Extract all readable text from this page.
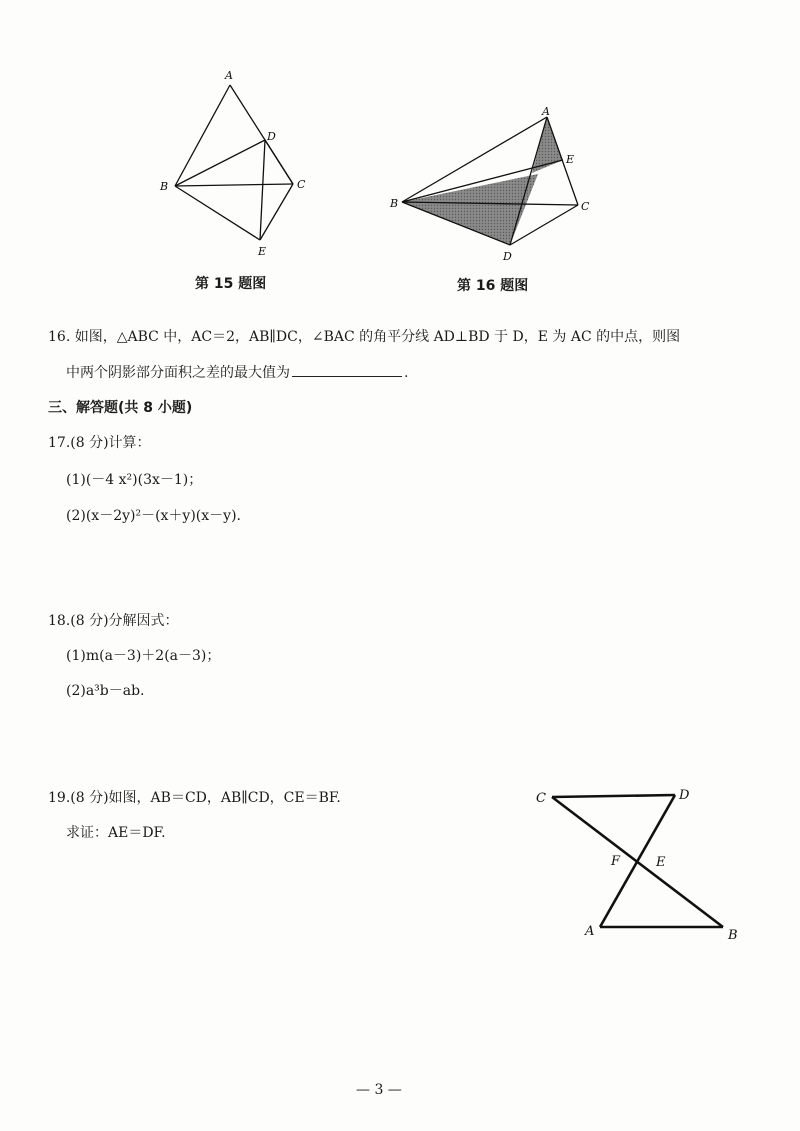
A
B	C
D
E
第 15 题图
A
B	C
D
E
第 16 题图
16. 如图，△ABC 中，AC＝2，AB∥DC，∠BAC 的角平分线 AD⊥BD 于 D，E 为 AC 的中点，则图
中两个阴影部分面积之差的最大值为	.
三、解答题(共 8 小题)
17.(8 分)计算：
(1)(－4 x²)(3x－1)；
(2)(x－2y)²－(x＋y)(x－y).
18.(8 分)分解因式：
(1)m(a－3)＋2(a－3)；
(2)a³b－ab.
19.(8 分)如图，AB＝CD，AB∥CD，CE＝BF.
求证：AE＝DF.
C	D
F	E
A	B
— 3 —
